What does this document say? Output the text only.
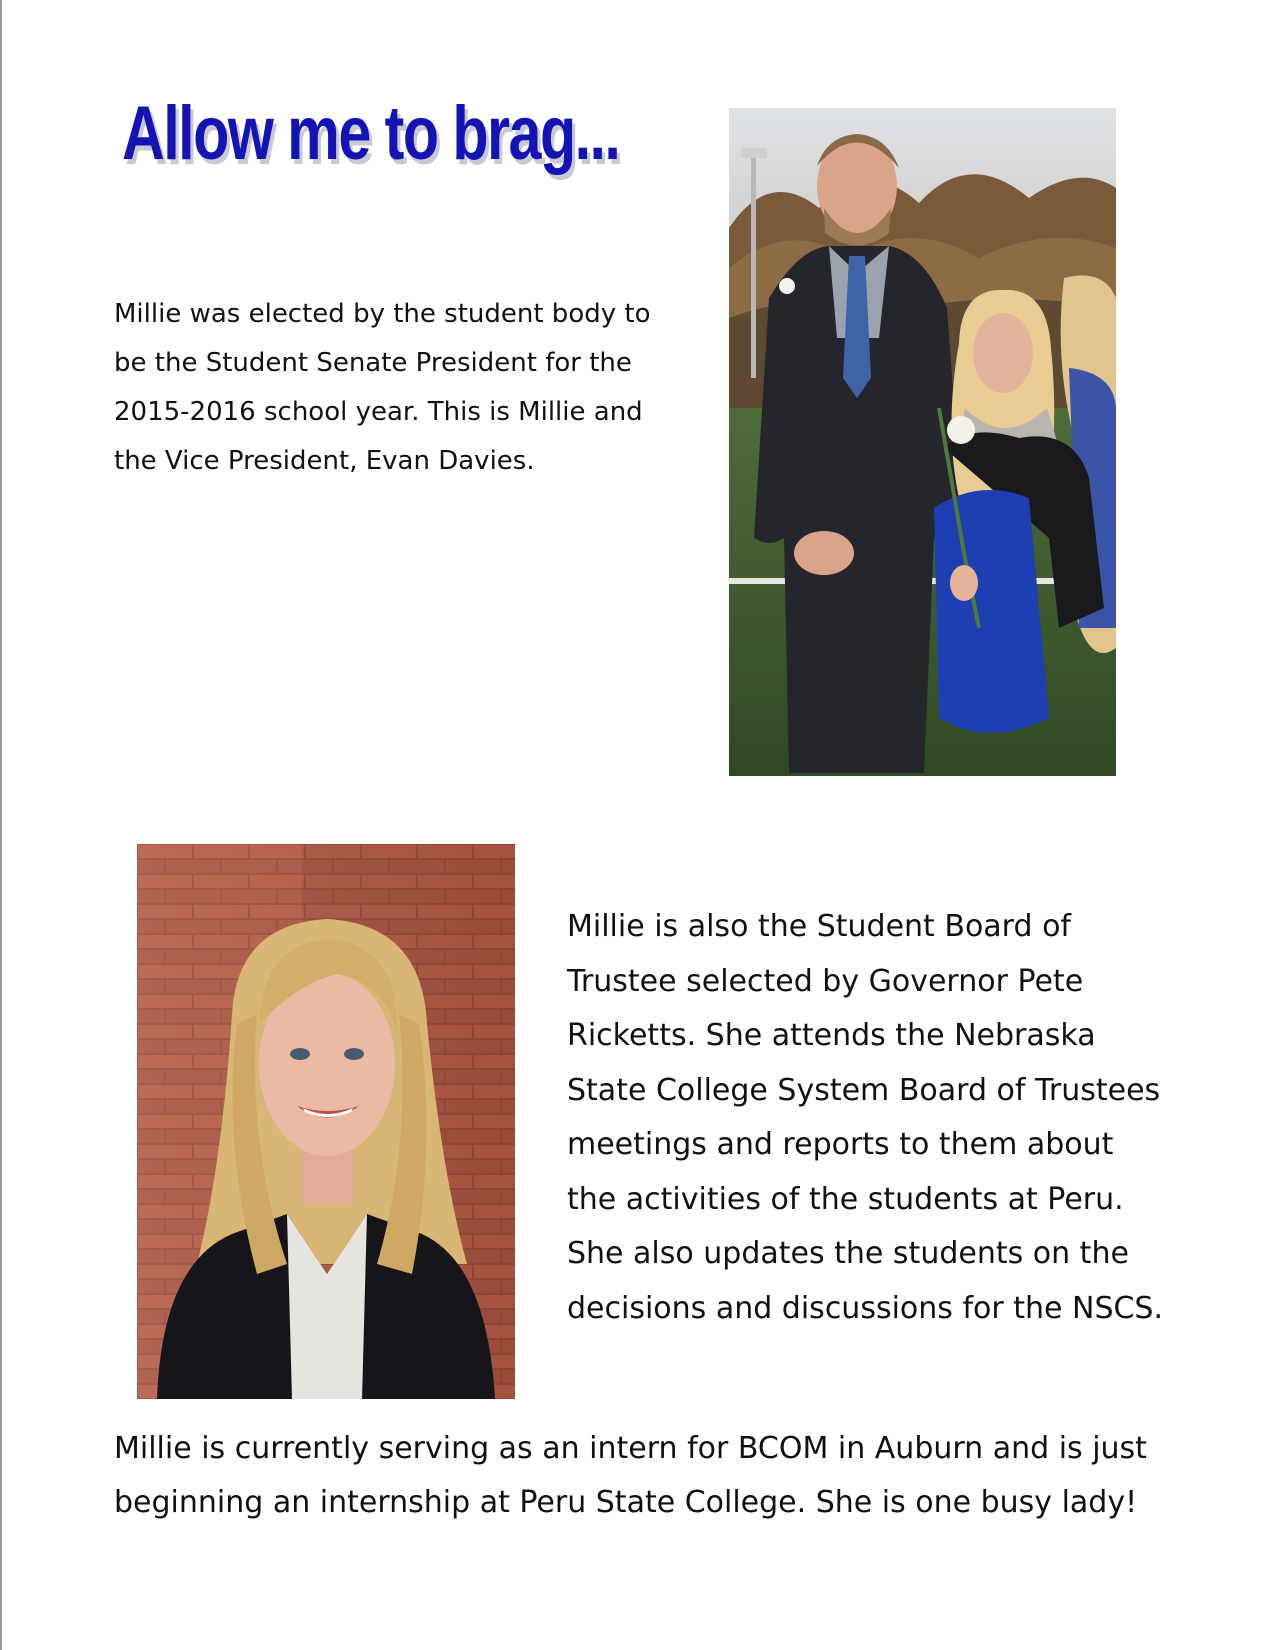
Allow me to brag...

Millie was elected by the student body to be the Student Senate President for the 2015-2016 school year. This is Millie and the Vice President, Evan Davies.

Millie is also the Student Board of Trustee selected by Governor Pete Ricketts. She attends the Nebraska State College System Board of Trustees meetings and reports to them about the activities of the students at Peru. She also updates the students on the decisions and discussions for the NSCS.

Millie is currently serving as an intern for BCOM in Auburn and is just beginning an internship at Peru State College. She is one busy lady!
